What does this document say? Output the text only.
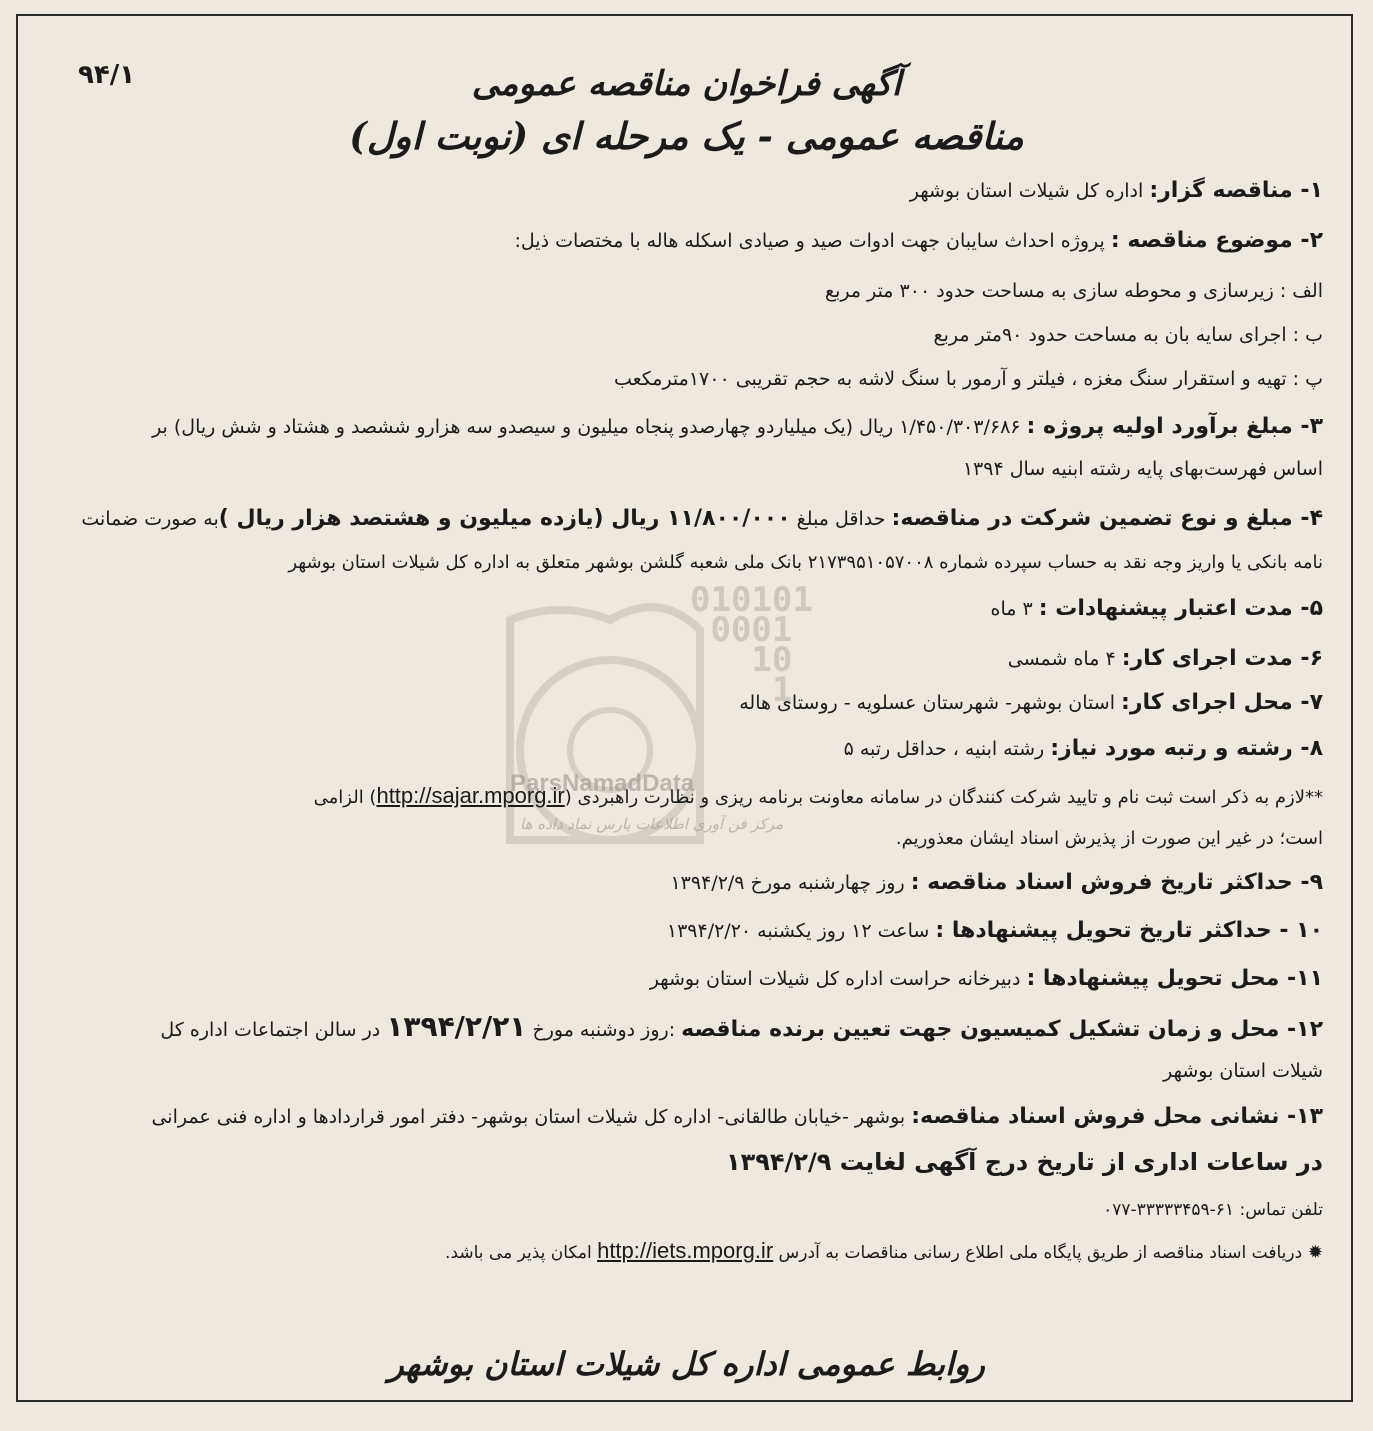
010101
0001
10
1
ParsNamadData
مرکز فن آوری اطلاعات پارس نماد داده ها
۹۴/۱	آگهی فراخوان مناقصه عمومی
مناقصه عمومی - یک مرحله ای (نوبت اول)
۱- مناقصه گزار: اداره کل شیلات استان بوشهر
۲- موضوع مناقصه : پروژه احداث سایبان جهت ادوات صید و صیادی اسکله هاله با مختصات ذیل:
الف : زیرسازی و محوطه سازی به مساحت حدود ۳۰۰ متر مربع
ب : اجرای سایه بان به مساحت حدود ۹۰متر مربع
پ : تهیه و استقرار سنگ مغزه ، فیلتر و آرمور با سنگ لاشه به حجم تقریبی ۱۷۰۰مترمکعب
۳- مبلغ برآورد اولیه پروژه : ۱/۴۵۰/۳۰۳/۶۸۶ ریال (یک میلیاردو چهارصدو پنجاه میلیون و سیصدو سه هزارو ششصد و هشتاد و شش ریال) بر
اساس فهرست‌بهای پایه رشته ابنیه سال ۱۳۹۴
۴- مبلغ و نوع تضمین شرکت در مناقصه: حداقل مبلغ ۱۱/۸۰۰/۰۰۰ ریال (یازده میلیون و هشتصد هزار ریال )به صورت ضمانت
نامه بانکی یا واریز وجه نقد به حساب سپرده شماره ۲۱۷۳۹۵۱۰۵۷۰۰۸ بانک ملی شعبه گلشن بوشهر متعلق به اداره کل شیلات استان بوشهر
۵- مدت اعتبار پیشنهادات : ۳ ماه
۶- مدت اجرای کار: ۴ ماه شمسی
۷- محل اجرای کار: استان بوشهر- شهرستان عسلویه - روستای هاله
۸- رشته و رتبه مورد نیاز: رشته ابنیه ، حداقل رتبه ۵
**لازم به ذکر است ثبت نام و تایید شرکت کنندگان در سامانه معاونت برنامه ریزی و نظارت راهبردی (http://sajar.mporg.ir) الزامی
است؛ در غیر این صورت از پذیرش اسناد ایشان معذوریم.
۹- حداکثر تاریخ فروش اسناد مناقصه : روز چهارشنبه مورخ ۱۳۹۴/۲/۹
۱۰ - حداکثر تاریخ تحویل پیشنهادها : ساعت ۱۲ روز یکشنبه ۱۳۹۴/۲/۲۰
۱۱- محل تحویل پیشنهادها : دبیرخانه حراست اداره کل شیلات استان بوشهر
۱۲- محل و زمان تشکیل کمیسیون جهت تعیین برنده مناقصه :روز دوشنبه مورخ ۱۳۹۴/۲/۲۱ در سالن اجتماعات اداره کل
شیلات استان بوشهر
۱۳- نشانی محل فروش اسناد مناقصه: بوشهر -خیابان طالقانی- اداره کل شیلات استان بوشهر- دفتر امور قراردادها و اداره فنی عمرانی
در ساعات اداری از تاریخ درج آگهی لغایت ۱۳۹۴/۲/۹
تلفن تماس: ۶۱-۳۳۳۳۳۴۵۹-۰۷۷
✹ دریافت اسناد مناقصه از طریق پایگاه ملی اطلاع رسانی مناقصات به آدرس http://iets.mporg.ir امکان پذیر می باشد.
روابط عمومی اداره کل شیلات استان بوشهر
